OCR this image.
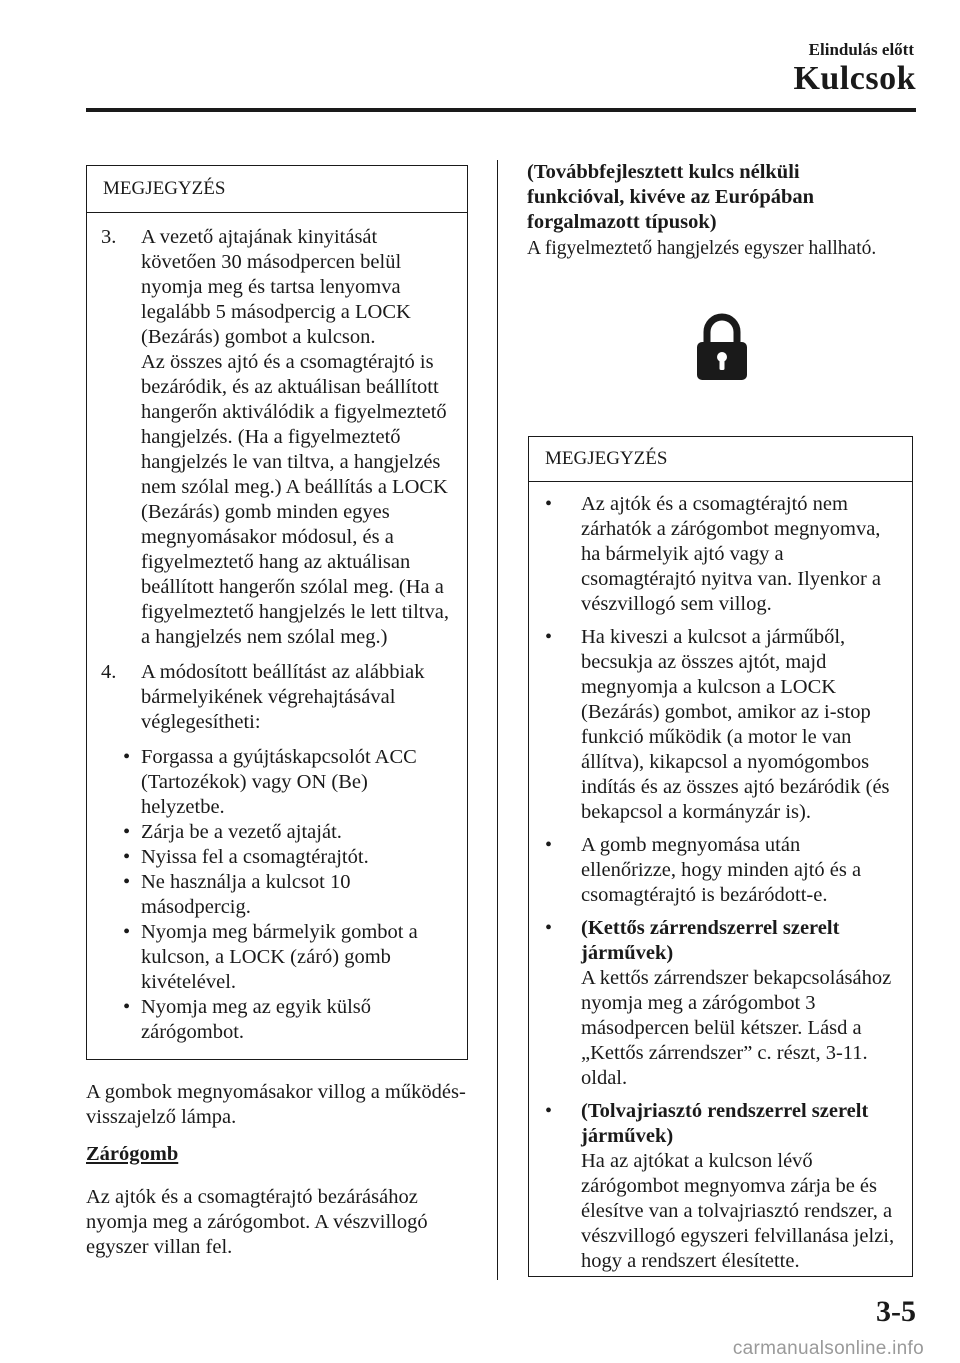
Elindulás előtt
Kulcsok
MEGJEGYZÉS
3. A vezető ajtajának kinyitását követően 30 másodpercen belül nyomja meg és tartsa lenyomva legalább 5 másodpercig a LOCK (Bezárás) gombot a kulcson.
Az összes ajtó és a csomagtérajtó is bezáródik, és az aktuálisan beállított hangerőn aktiválódik a figyelmeztető hangjelzés. (Ha a figyelmeztető hangjelzés le van tiltva, a hangjelzés nem szólal meg.) A beállítás a LOCK (Bezárás) gomb minden egyes megnyomásakor módosul, és a figyelmeztető hang az aktuálisan beállított hangerőn szólal meg. (Ha a figyelmeztető hangjelzés le lett tiltva, a hangjelzés nem szólal meg.)
4. A módosított beállítást az alábbiak bármelyikének végrehajtásával véglegesítheti:
• Forgassa a gyújtáskapcsolót ACC (Tartozékok) vagy ON (Be) helyzetbe.
• Zárja be a vezető ajtaját.
• Nyissa fel a csomagtérajtót.
• Ne használja a kulcsot 10 másodpercig.
• Nyomja meg bármelyik gombot a kulcson, a LOCK (záró) gomb kivételével.
• Nyomja meg az egyik külső zárógombot.
A gombok megnyomásakor villog a működés-visszajelző lámpa.
Zárógomb
Az ajtók és a csomagtérajtó bezárásához nyomja meg a zárógombot. A vészvillogó egyszer villan fel.
(Továbbfejlesztett kulcs nélküli funkcióval, kivéve az Európában forgalmazott típusok)
A figyelmeztető hangjelzés egyszer hallható.
MEGJEGYZÉS
• Az ajtók és a csomagtérajtó nem zárhatók a zárógombot megnyomva, ha bármelyik ajtó vagy a csomagtérajtó nyitva van. Ilyenkor a vészvillogó sem villog.
• Ha kiveszi a kulcsot a járműből, becsukja az összes ajtót, majd megnyomja a kulcson a LOCK (Bezárás) gombot, amikor az i-stop funkció működik (a motor le van állítva), kikapcsol a nyomógombos indítás és az összes ajtó bezáródik (és bekapcsol a kormányzár is).
• A gomb megnyomása után ellenőrizze, hogy minden ajtó és a csomagtérajtó is bezáródott-e.
• (Kettős zárrendszerrel szerelt járművek)
A kettős zárrendszer bekapcsolásához nyomja meg a zárógombot 3 másodpercen belül kétszer. Lásd a „Kettős zárrendszer” c. részt, 3-11. oldal.
• (Tolvajriasztó rendszerrel szerelt járművek)
Ha az ajtókat a kulcson lévő zárógombot megnyomva zárja be és élesítve van a tolvajriasztó rendszer, a vészvillogó egyszeri felvillanása jelzi, hogy a rendszert élesítette.
3-5
carmanualsonline.info
